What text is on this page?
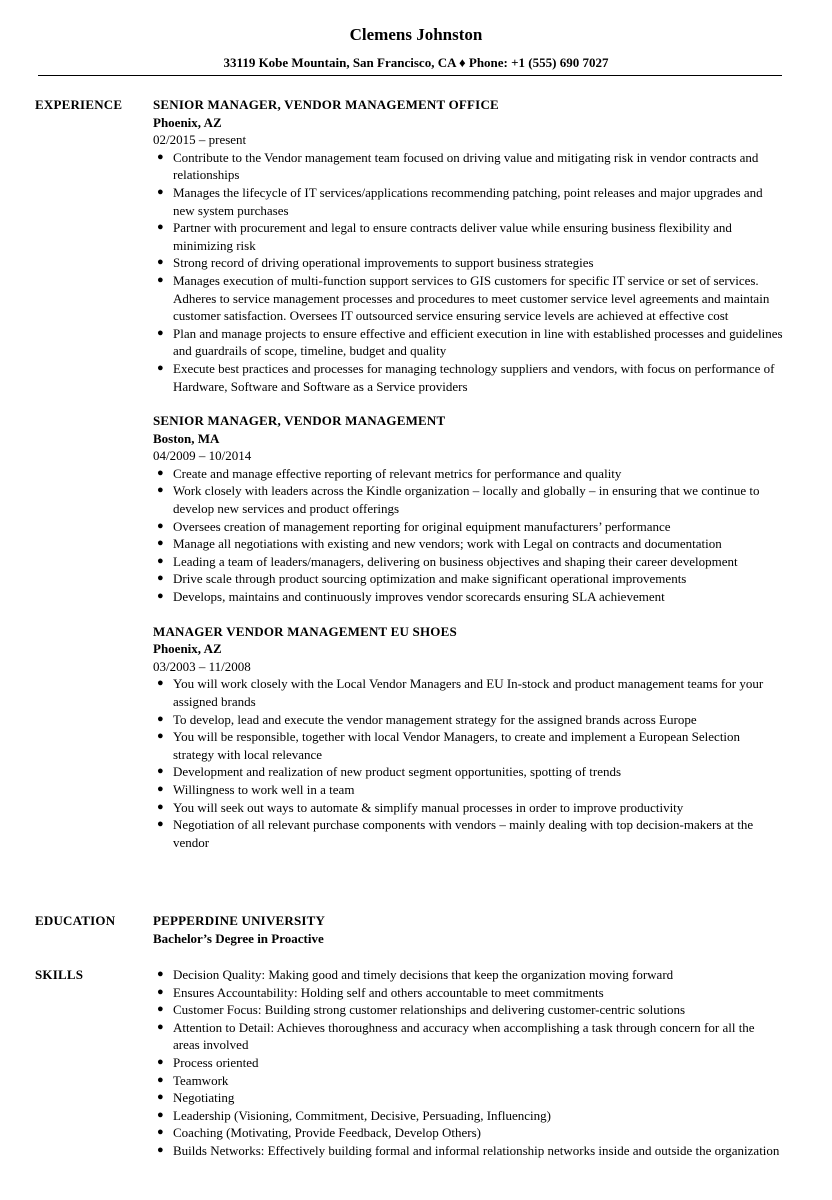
Clemens Johnston
33119 Kobe Mountain, San Francisco, CA ♦ Phone: +1 (555) 690 7027
EXPERIENCE SENIOR MANAGER, VENDOR MANAGEMENT OFFICE
Phoenix, AZ
02/2015 – present
● Contribute to the Vendor management team focused on driving value and mitigating risk in vendor contracts and relationships
● Manages the lifecycle of IT services/applications recommending patching, point releases and major upgrades and new system purchases
● Partner with procurement and legal to ensure contracts deliver value while ensuring business flexibility and minimizing risk
● Strong record of driving operational improvements to support business strategies
● Manages execution of multi-function support services to GIS customers for specific IT service or set of services. Adheres to service management processes and procedures to meet customer service level agreements and maintain customer satisfaction. Oversees IT outsourced service ensuring service levels are achieved at effective cost
● Plan and manage projects to ensure effective and efficient execution in line with established processes and guidelines and guardrails of scope, timeline, budget and quality
● Execute best practices and processes for managing technology suppliers and vendors, with focus on performance of Hardware, Software and Software as a Service providers
SENIOR MANAGER, VENDOR MANAGEMENT
Boston, MA
04/2009 – 10/2014
● Create and manage effective reporting of relevant metrics for performance and quality
● Work closely with leaders across the Kindle organization – locally and globally – in ensuring that we continue to develop new services and product offerings
● Oversees creation of management reporting for original equipment manufacturers’ performance
● Manage all negotiations with existing and new vendors; work with Legal on contracts and documentation
● Leading a team of leaders/managers, delivering on business objectives and shaping their career development
● Drive scale through product sourcing optimization and make significant operational improvements
● Develops, maintains and continuously improves vendor scorecards ensuring SLA achievement
MANAGER VENDOR MANAGEMENT EU SHOES
Phoenix, AZ
03/2003 – 11/2008
● You will work closely with the Local Vendor Managers and EU In-stock and product management teams for your assigned brands
● To develop, lead and execute the vendor management strategy for the assigned brands across Europe
● You will be responsible, together with local Vendor Managers, to create and implement a European Selection strategy with local relevance
● Development and realization of new product segment opportunities, spotting of trends
● Willingness to work well in a team
● You will seek out ways to automate & simplify manual processes in order to improve productivity
● Negotiation of all relevant purchase components with vendors – mainly dealing with top decision-makers at the vendor
EDUCATION	PEPPERDINE UNIVERSITY
Bachelor’s Degree in Proactive
SKILLS	● Decision Quality: Making good and timely decisions that keep the organization moving forward
● Ensures Accountability: Holding self and others accountable to meet commitments
● Customer Focus: Building strong customer relationships and delivering customer-centric solutions
● Attention to Detail: Achieves thoroughness and accuracy when accomplishing a task through concern for all the areas involved
● Process oriented
● Teamwork
● Negotiating
● Leadership (Visioning, Commitment, Decisive, Persuading, Influencing)
● Coaching (Motivating, Provide Feedback, Develop Others)
● Builds Networks: Effectively building formal and informal relationship networks inside and outside the organization
